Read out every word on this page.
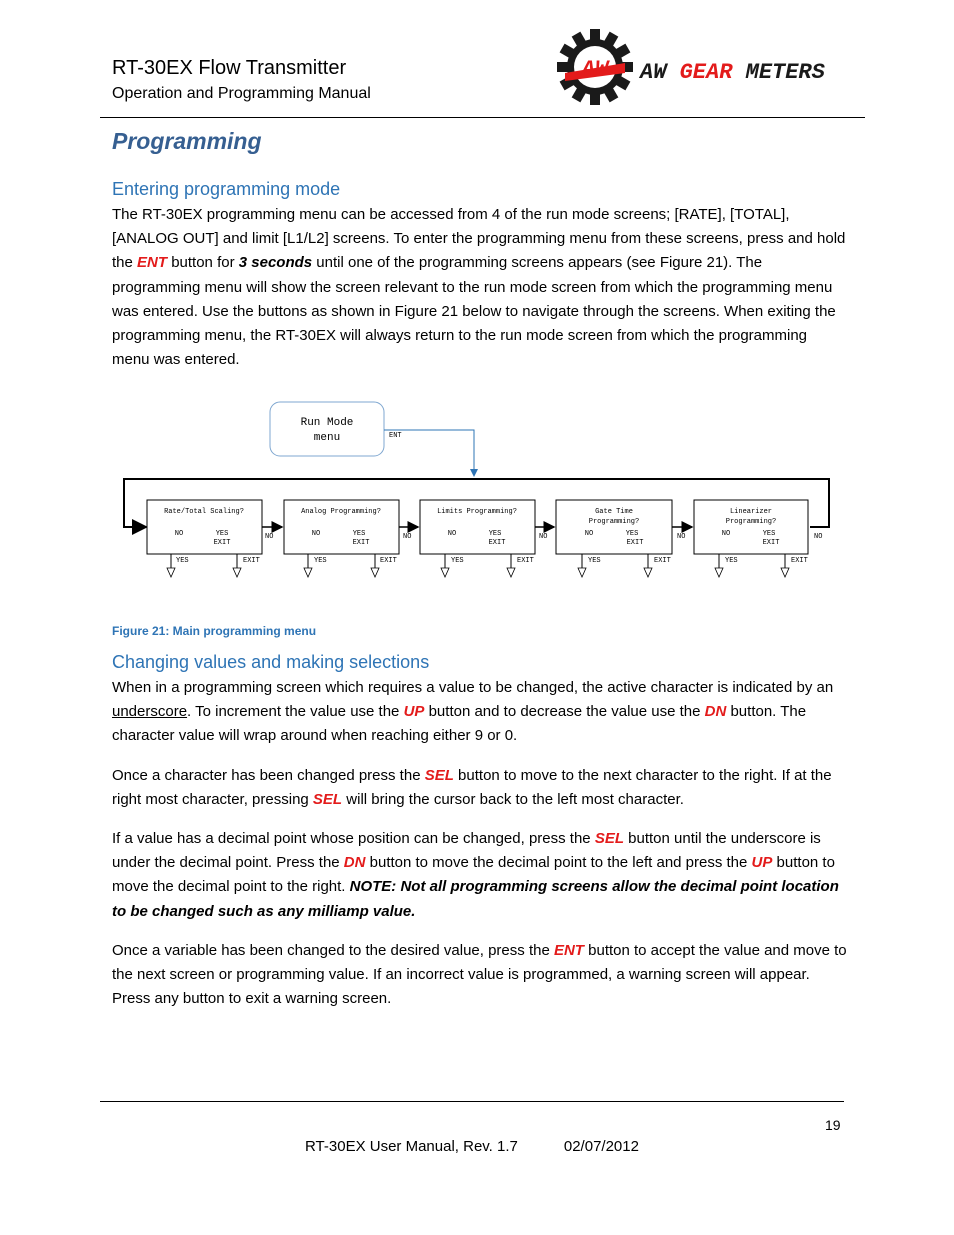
RT-30EX Flow Transmitter
Operation and Programming Manual
AW AW GEAR METERS
Programming
Entering programming mode
The RT-30EX programming menu can be accessed from 4 of the run mode screens; [RATE], [TOTAL], [ANALOG OUT] and limit [L1/L2] screens. To enter the programming menu from these screens, press and hold the ENT button for 3 seconds until one of the programming screens appears (see Figure 21). The programming menu will show the screen relevant to the run mode screen from which the programming menu was entered. Use the buttons as shown in Figure 21 below to navigate through the screens. When exiting the programming menu, the RT-30EX will always return to the run mode screen from which the programming menu was entered.
Run Mode
menu	ENT
Rate/Total Scaling?
NO	YES
EXIT
NO
YES	EXIT
Analog Programming?
NO	YES
EXIT
NO
YES	EXIT
Limits Programming?
NO	YES
EXIT
NO
YES	EXIT
Gate Time
Programming?
NO	YES
EXIT
NO
YES	EXIT
Linearizer
Programming?
NO	YES
EXIT
NO
YES	EXIT
Figure 21: Main programming menu
Changing values and making selections
When in a programming screen which requires a value to be changed, the active character is indicated by an underscore. To increment the value use the UP button and to decrease the value use the DN button. The character value will wrap around when reaching either 9 or 0.
Once a character has been changed press the SEL button to move to the next character to the right. If at the right most character, pressing SEL will bring the cursor back to the left most character.
If a value has a decimal point whose position can be changed, press the SEL button until the underscore is under the decimal point. Press the DN button to move the decimal point to the left and press the UP button to move the decimal point to the right. NOTE: Not all programming screens allow the decimal point location to be changed such as any milliamp value.
Once a variable has been changed to the desired value, press the ENT button to accept the value and move to the next screen or programming value. If an incorrect value is programmed, a warning screen will appear. Press any button to exit a warning screen.
19
RT-30EX User Manual, Rev. 1.7	02/07/2012
